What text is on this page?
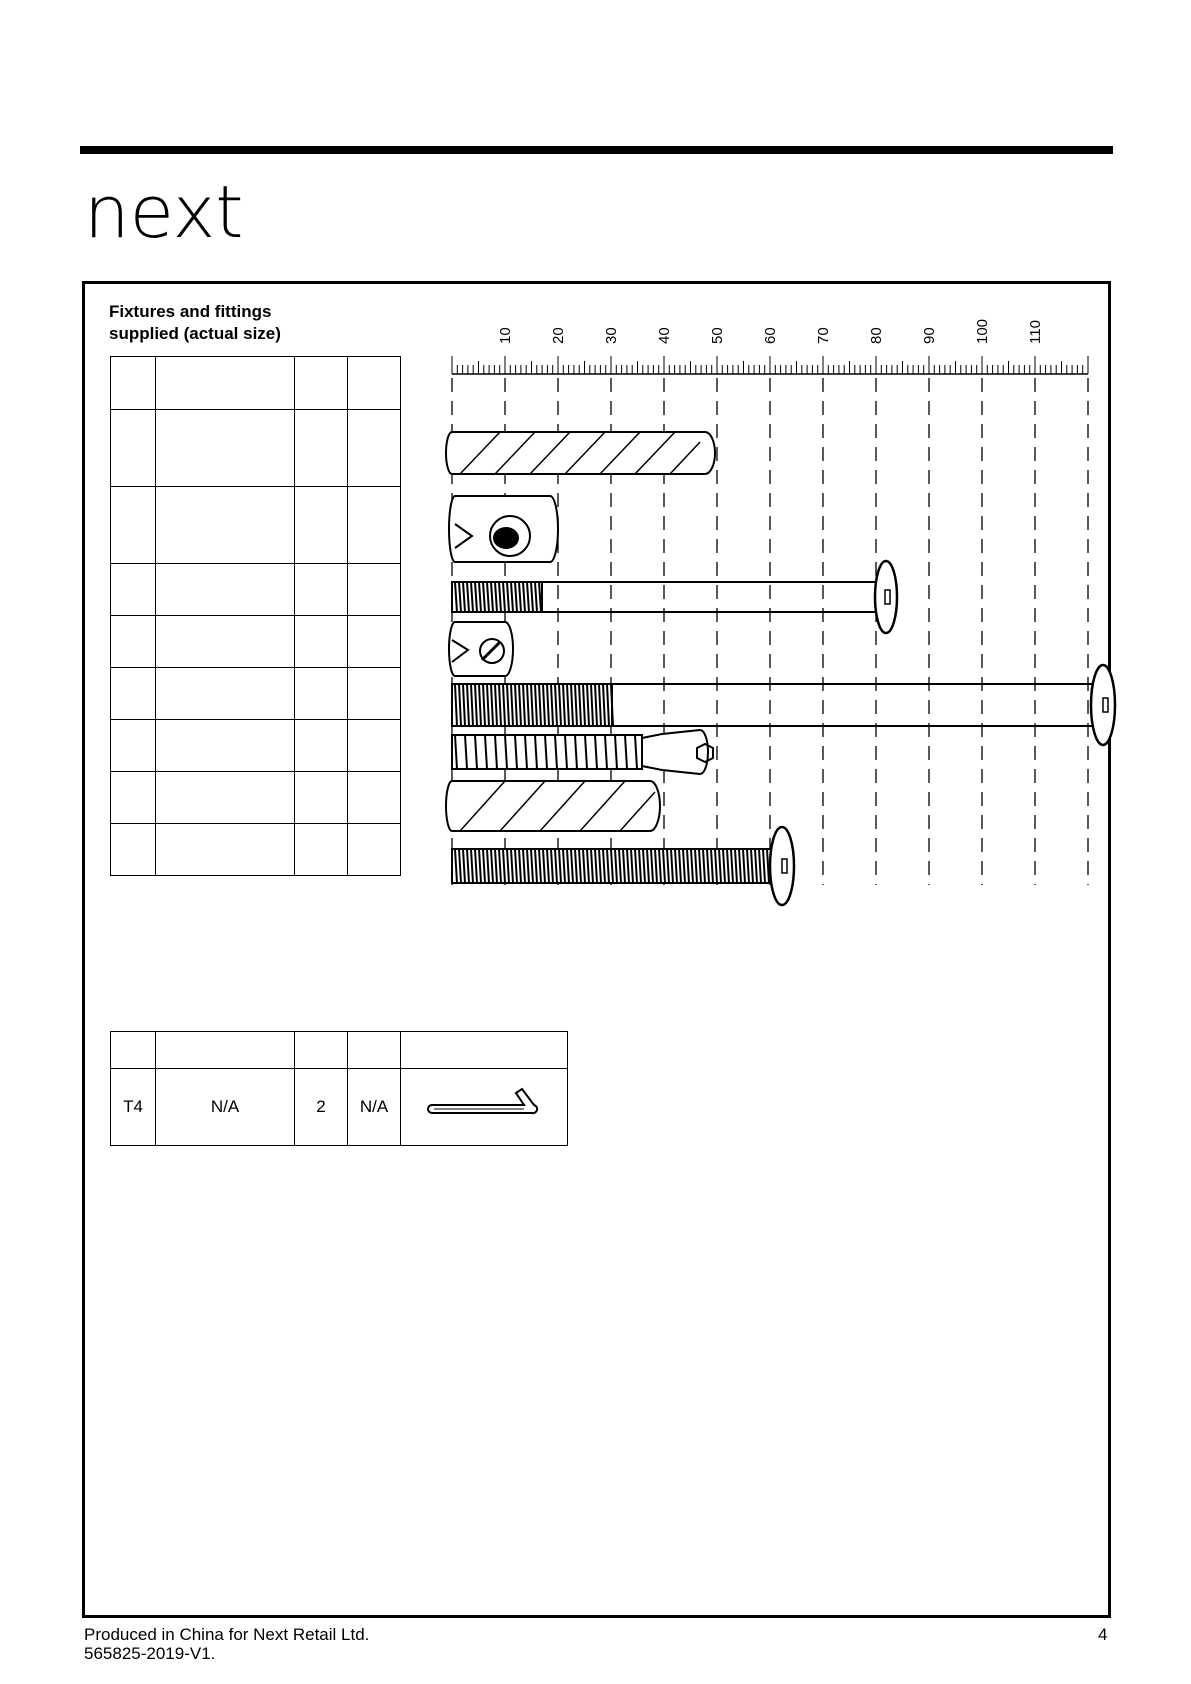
next
Fixtures and fittings
supplied (actual size)

				10 20 30 40 50 60 70 80 90 100 110

T4	N/A	2	N/A	
Produced in China for Next Retail Ltd.
565825-2019-V1.
4
